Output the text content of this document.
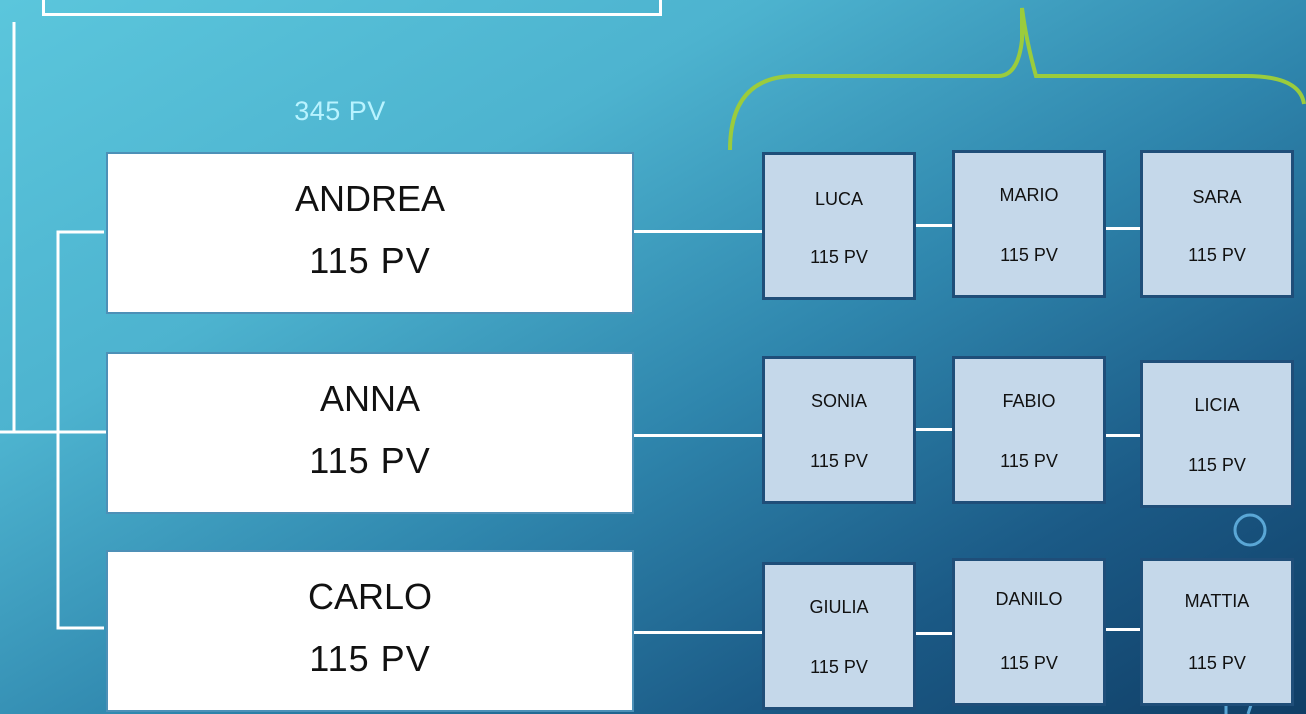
345 PV
ANDREA
115 PV
ANNA
115 PV
CARLO
115 PV
LUCA
115 PV
MARIO
115 PV
SARA
115 PV
SONIA
115 PV
FABIO
115 PV
LICIA
115 PV
GIULIA
115 PV
DANILO
115 PV
MATTIA
115 PV
